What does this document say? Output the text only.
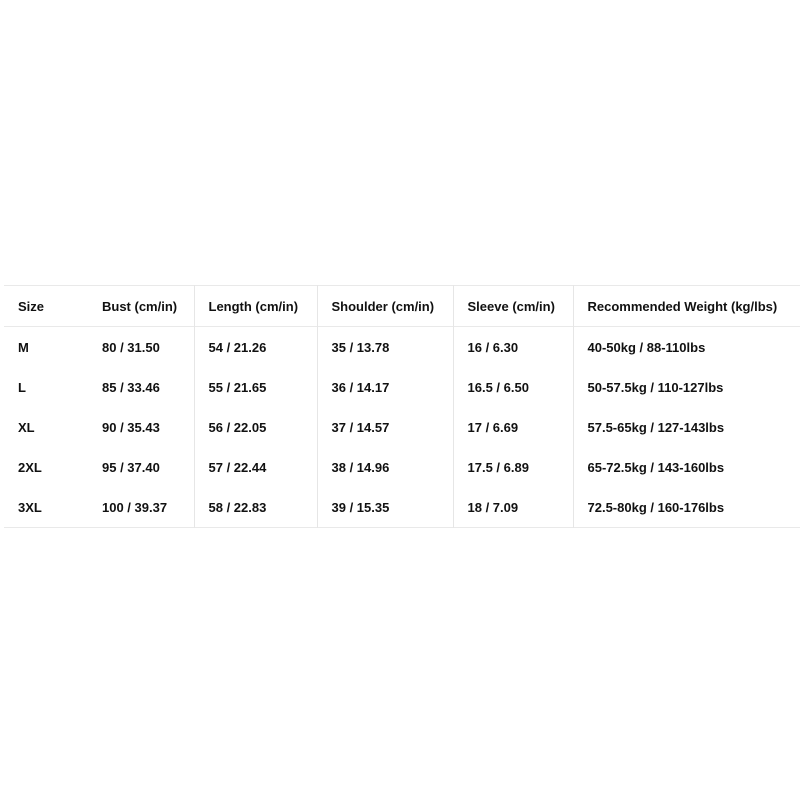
Size	Bust (cm/in)	Length (cm/in)	Shoulder (cm/in)	Sleeve (cm/in)	Recommended Weight (kg/lbs)
M	80 / 31.50	54 / 21.26	35 / 13.78	16 / 6.30	40-50kg / 88-110lbs
L	85 / 33.46	55 / 21.65	36 / 14.17	16.5 / 6.50	50-57.5kg / 110-127lbs
XL	90 / 35.43	56 / 22.05	37 / 14.57	17 / 6.69	57.5-65kg / 127-143lbs
2XL	95 / 37.40	57 / 22.44	38 / 14.96	17.5 / 6.89	65-72.5kg / 143-160lbs
3XL	100 / 39.37	58 / 22.83	39 / 15.35	18 / 7.09	72.5-80kg / 160-176lbs
